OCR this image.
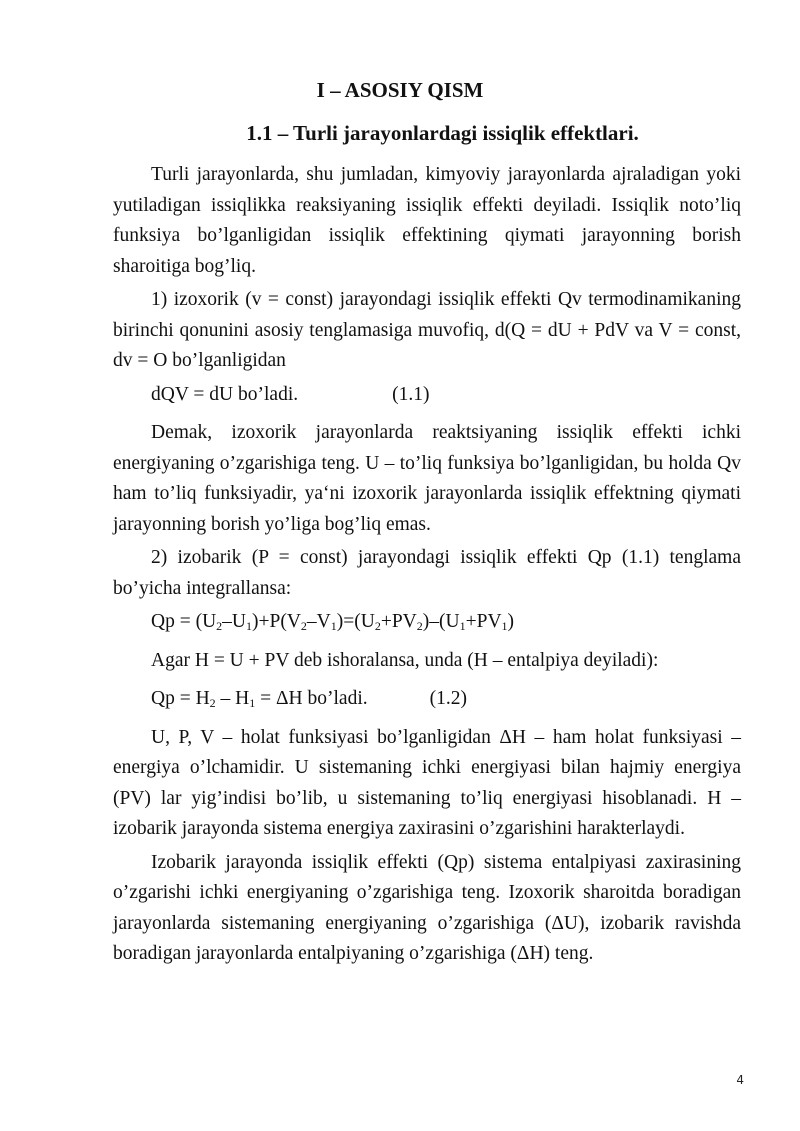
I – ASOSIY QISM
1.1 – Turli jarayonlardagi issiqlik effektlari.

Turli jarayonlarda, shu jumladan, kimyoviy jarayonlarda ajraladigan yoki yutiladigan issiqlikka reaksiyaning issiqlik effekti deyiladi. Issiqlik noto’liq funksiya bo’lganligidan issiqlik effektining qiymati jarayonning borish sharoitiga bog’liq.

1) izoxorik (v = const) jarayondagi issiqlik effekti Qv termodinamikaning birinchi qonunini asosiy tenglamasiga muvofiq, d(Q = dU + PdV va V = const, dv = O bo’lganligidan

dQV = dU bo’ladi.	(1.1)

Demak, izoxorik jarayonlarda reaktsiyaning issiqlik effekti ichki energiyaning o’zgarishiga teng. U – to’liq funksiya bo’lganligidan, bu holda Qv ham to’liq funksiyadir, ya‘ni izoxorik jarayonlarda issiqlik effektning qiymati jarayonning borish yo’liga bog’liq emas.

2) izobarik (P = const) jarayondagi issiqlik effekti Qp (1.1) tenglama bo’yicha integrallansa:

$Qp = (U_2-U_1)+P(V_2-V_1)=(U_2+PV_2)-(U_1+PV_1)$

Agar H = U + PV deb ishoralansa, unda (H – entalpiya deyiladi):

$Qp = H_2 - H_1 = \Delta H$ bo’ladi.	(1.2)

U, P, V – holat funksiyasi bo’lganligidan ΔH – ham holat funksiyasi – energiya o’lchamidir. U sistemaning ichki energiyasi bilan hajmiy energiya (PV) lar yig’indisi bo’lib, u sistemaning to’liq energiyasi hisoblanadi. H – izobarik jarayonda sistema energiya zaxirasini o’zgarishini harakterlaydi.

Izobarik jarayonda issiqlik effekti (Qp) sistema entalpiyasi zaxirasining o’zgarishi ichki energiyaning o’zgarishiga teng. Izoxorik sharoitda boradigan jarayonlarda sistemaning energiyaning o’zgarishiga (ΔU), izobarik ravishda boradigan jarayonlarda entalpiyaning o’zgarishiga (ΔH) teng.

4
